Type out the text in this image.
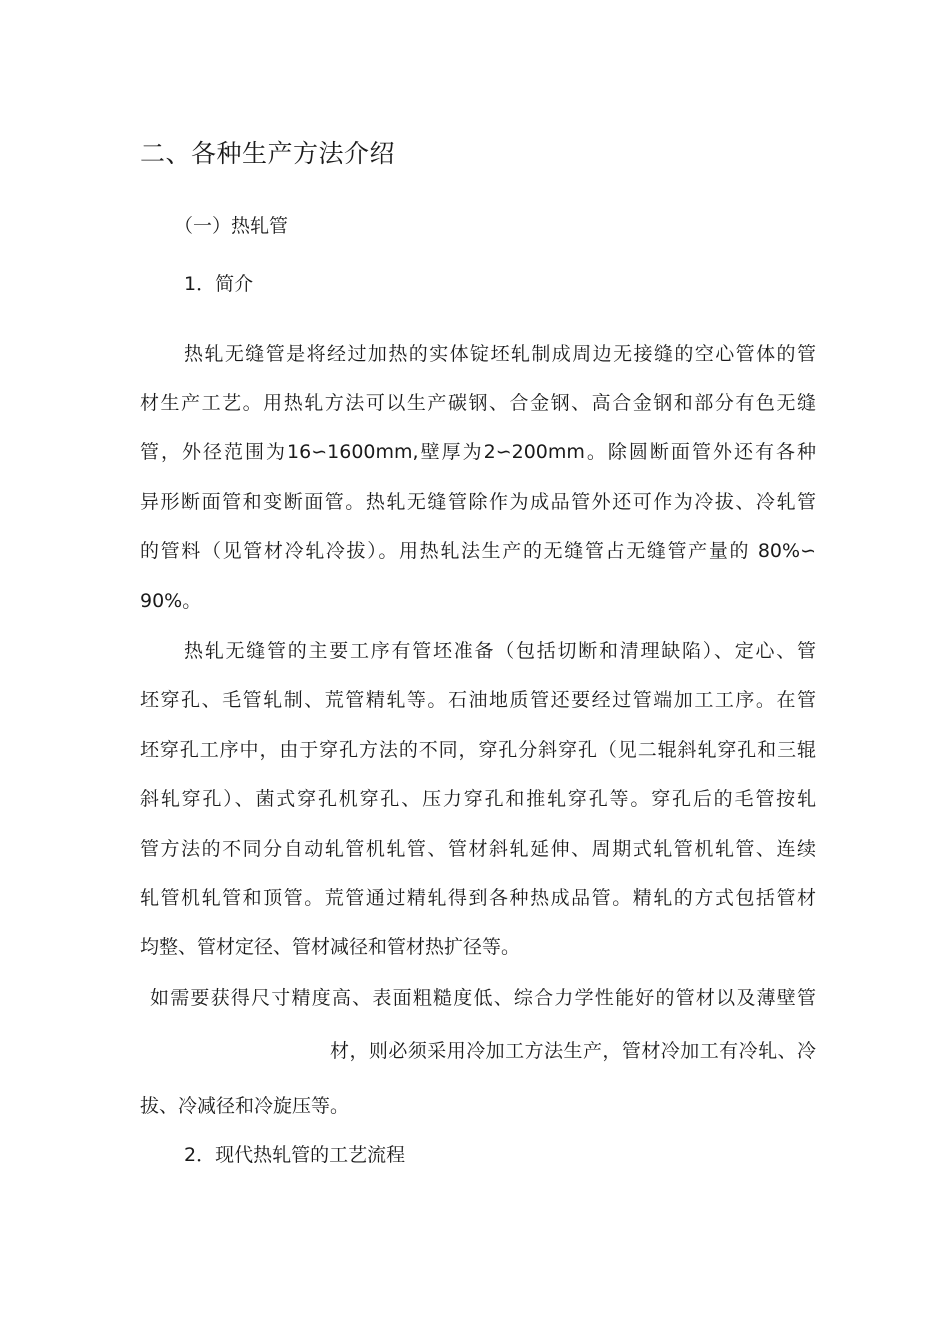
二、各种生产方法介绍
（一）热轧管
1．简介
热轧无缝管是将经过加热的实体锭坯轧制成周边无接缝的空心管体的管
材生产工艺。用热轧方法可以生产碳钢、合金钢、高合金钢和部分有色无缝
管，外径范围为16∽1600mm,壁厚为2∽200mm。除圆断面管外还有各种
异形断面管和变断面管。热轧无缝管除作为成品管外还可作为冷拔、冷轧管
的管料（见管材冷轧冷拔）。用热轧法生产的无缝管占无缝管产量的 80%∽
90%。
热轧无缝管的主要工序有管坯准备（包括切断和清理缺陷）、定心、管
坯穿孔、毛管轧制、荒管精轧等。石油地质管还要经过管端加工工序。在管
坯穿孔工序中，由于穿孔方法的不同，穿孔分斜穿孔（见二辊斜轧穿孔和三辊
斜轧穿孔）、菌式穿孔机穿孔、压力穿孔和推轧穿孔等。穿孔后的毛管按轧
管方法的不同分自动轧管机轧管、管材斜轧延伸、周期式轧管机轧管、连续
轧管机轧管和顶管。荒管通过精轧得到各种热成品管。精轧的方式包括管材
均整、管材定径、管材减径和管材热扩径等。
如需要获得尺寸精度高、表面粗糙度低、综合力学性能好的管材以及薄壁管
材，则必须采用冷加工方法生产，管材冷加工有冷轧、冷
拔、冷减径和冷旋压等。
2．现代热轧管的工艺流程
